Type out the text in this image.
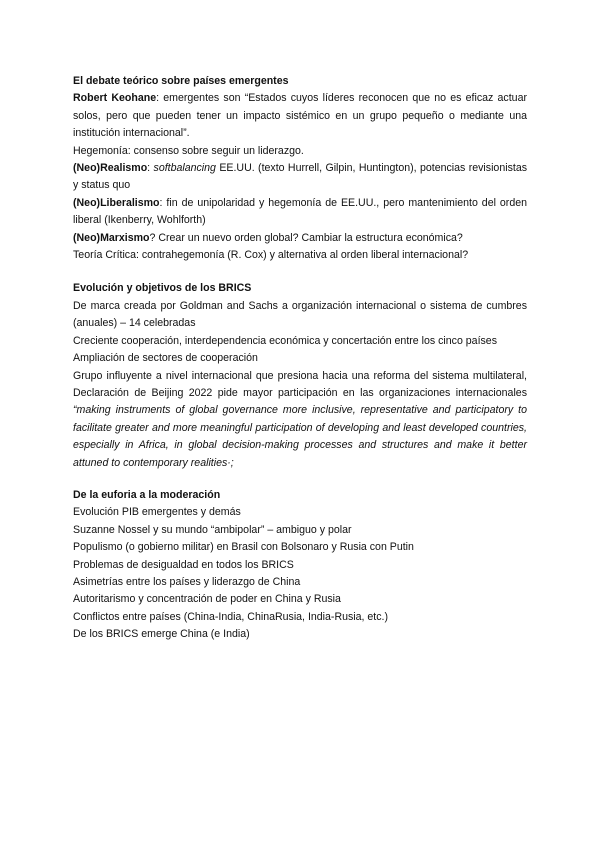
El debate teórico sobre países emergentes

Robert Keohane: emergentes son “Estados cuyos líderes reconocen que no es eficaz actuar solos, pero que pueden tener un impacto sistémico en un grupo pequeño o mediante una institución internacional”.

Hegemonía: consenso sobre seguir un liderazgo.

(Neo)Realismo: softbalancing EE.UU. (texto Hurrell, Gilpin, Huntington), potencias revisionistas y status quo

(Neo)Liberalismo: fin de unipolaridad y hegemonía de EE.UU., pero mantenimiento del orden liberal (Ikenberry, Wohlforth)

(Neo)Marxismo? Crear un nuevo orden global? Cambiar la estructura económica?

Teoría Crítica: contrahegemonía (R. Cox) y alternativa al orden liberal internacional?

Evolución y objetivos de los BRICS

De marca creada por Goldman and Sachs a organización internacional o sistema de cumbres (anuales) – 14 celebradas

Creciente cooperación, interdependencia económica y concertación entre los cinco países

Ampliación de sectores de cooperación

Grupo influyente a nivel internacional que presiona hacia una reforma del sistema multilateral, Declaración de Beijing 2022 pide mayor participación en las organizaciones internacionales “making instruments of global governance more inclusive, representative and participatory to facilitate greater and more meaningful participation of developing and least developed countries, especially in Africa, in global decision-making processes and structures and make it better attuned to contemporary realities·;

De la euforia a la moderación

Evolución PIB emergentes y demás

Suzanne Nossel y su mundo “ambipolar” – ambiguo y polar

Populismo (o gobierno militar) en Brasil con Bolsonaro y Rusia con Putin

Problemas de desigualdad en todos los BRICS

Asimetrías entre los países y liderazgo de China

Autoritarismo y concentración de poder en China y Rusia

Conflictos entre países (China-India, ChinaRusia, India-Rusia, etc.)

De los BRICS emerge China (e India)
